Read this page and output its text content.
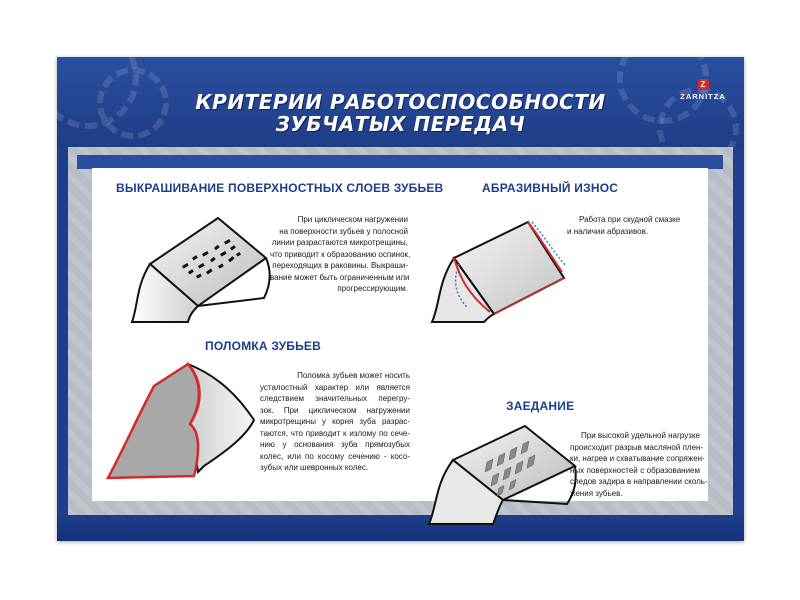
КРИТЕРИИ РАБОТОСПОСОБНОСТИ
ЗУБЧАТЫХ ПЕРЕДАЧ
Z
ZARNITZA
ВЫКРАШИВАНИЕ ПОВЕРХНОСТНЫХ СЛОЕВ ЗУБЬЕВ
При циклическом нагружении
на поверхности зубьев у полосной
линии разрастаются микротрещины,
что приводит к образованию оспинок,
переходящих в раковины. Выкраши-
вание может быть ограниченным или
прогрессирующим.
АБРАЗИВНЫЙ ИЗНОС
Работа при скудной смазке
и наличии абразивов.
ПОЛОМКА ЗУБЬЕВ
Поломка зубьев может носить
усталостный характер или является
следствием значительных перегру-
зок. При циклическом нагружении
микротрещины у корня зуба разрас-
таются, что приводит к излому по сече-
нию у основания зуба прямозубых
колес, или по косому сечению - косо-
зубых или шевронных колес.
ЗАЕДАНИЕ
При высокой удельной нагрузке
происходит разрыв масляной плен-
ки, нагрев и схватывание сопряжен-
ных поверхностей с образованием
следов задира в направлении сколь-
жения зубьев.
